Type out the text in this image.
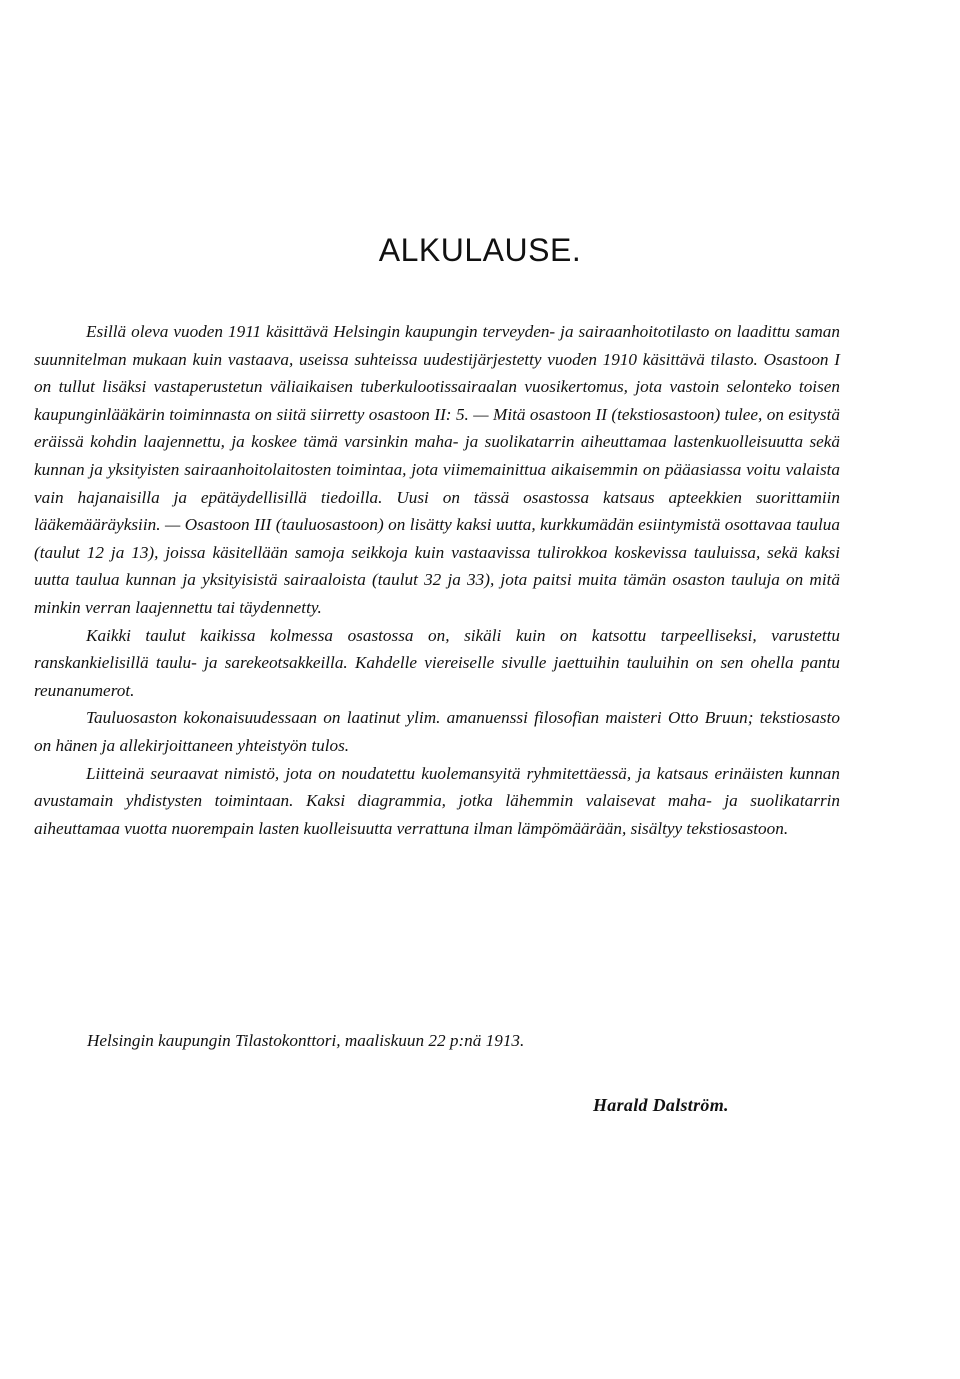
ALKULAUSE.

Esillä oleva vuoden 1911 käsittävä Helsingin kaupungin terveyden- ja sairaanhoitotilasto on laadittu saman suunnitelman mukaan kuin vastaava, useissa suhteissa uudestijärjestetty vuoden 1910 käsittävä tilasto. Osastoon I on tullut lisäksi vastaperustetun väliaikaisen tuberkulootissairaalan vuosikertomus, jota vastoin selonteko toisen kaupunginlääkärin toiminnasta on siitä siirretty osastoon II: 5. — Mitä osastoon II (tekstiosastoon) tulee, on esitystä eräissä kohdin laajennettu, ja koskee tämä varsinkin maha- ja suolikatarrin aiheuttamaa lastenkuolleisuutta sekä kunnan ja yksityisten sairaanhoitolaitosten toimintaa, jota viimemainittua aikaisemmin on pääasiassa voitu valaista vain hajanaisilla ja epätäydellisillä tiedoilla. Uusi on tässä osastossa katsaus apteekkien suorittamiin lääkemääräyksiin. — Osastoon III (tauluosastoon) on lisätty kaksi uutta, kurkkumädän esiintymistä osottavaa taulua (taulut 12 ja 13), joissa käsitellään samoja seikkoja kuin vastaavissa tulirokkoa koskevissa tauluissa, sekä kaksi uutta taulua kunnan ja yksityisistä sairaaloista (taulut 32 ja 33), jota paitsi muita tämän osaston tauluja on mitä minkin verran laajennettu tai täydennetty.

Kaikki taulut kaikissa kolmessa osastossa on, sikäli kuin on katsottu tarpeelliseksi, varustettu ranskankielisillä taulu- ja sarekeotsakkeilla. Kahdelle viereiselle sivulle jaettuihin tauluihin on sen ohella pantu reunanumerot.

Tauluosaston kokonaisuudessaan on laatinut ylim. amanuenssi filosofian maisteri Otto Bruun; tekstiosasto on hänen ja allekirjoittaneen yhteistyön tulos.

Liitteinä seuraavat nimistö, jota on noudatettu kuolemansyitä ryhmitettäessä, ja katsaus erinäisten kunnan avustamain yhdistysten toimintaan. Kaksi diagrammia, jotka lähemmin valaisevat maha- ja suolikatarrin aiheuttamaa vuotta nuorempain lasten kuolleisuutta verrattuna ilman lämpömäärään, sisältyy tekstiosastoon.

Helsingin kaupungin Tilastokonttori, maaliskuun 22 p:nä 1913.
Harald Dalström.
